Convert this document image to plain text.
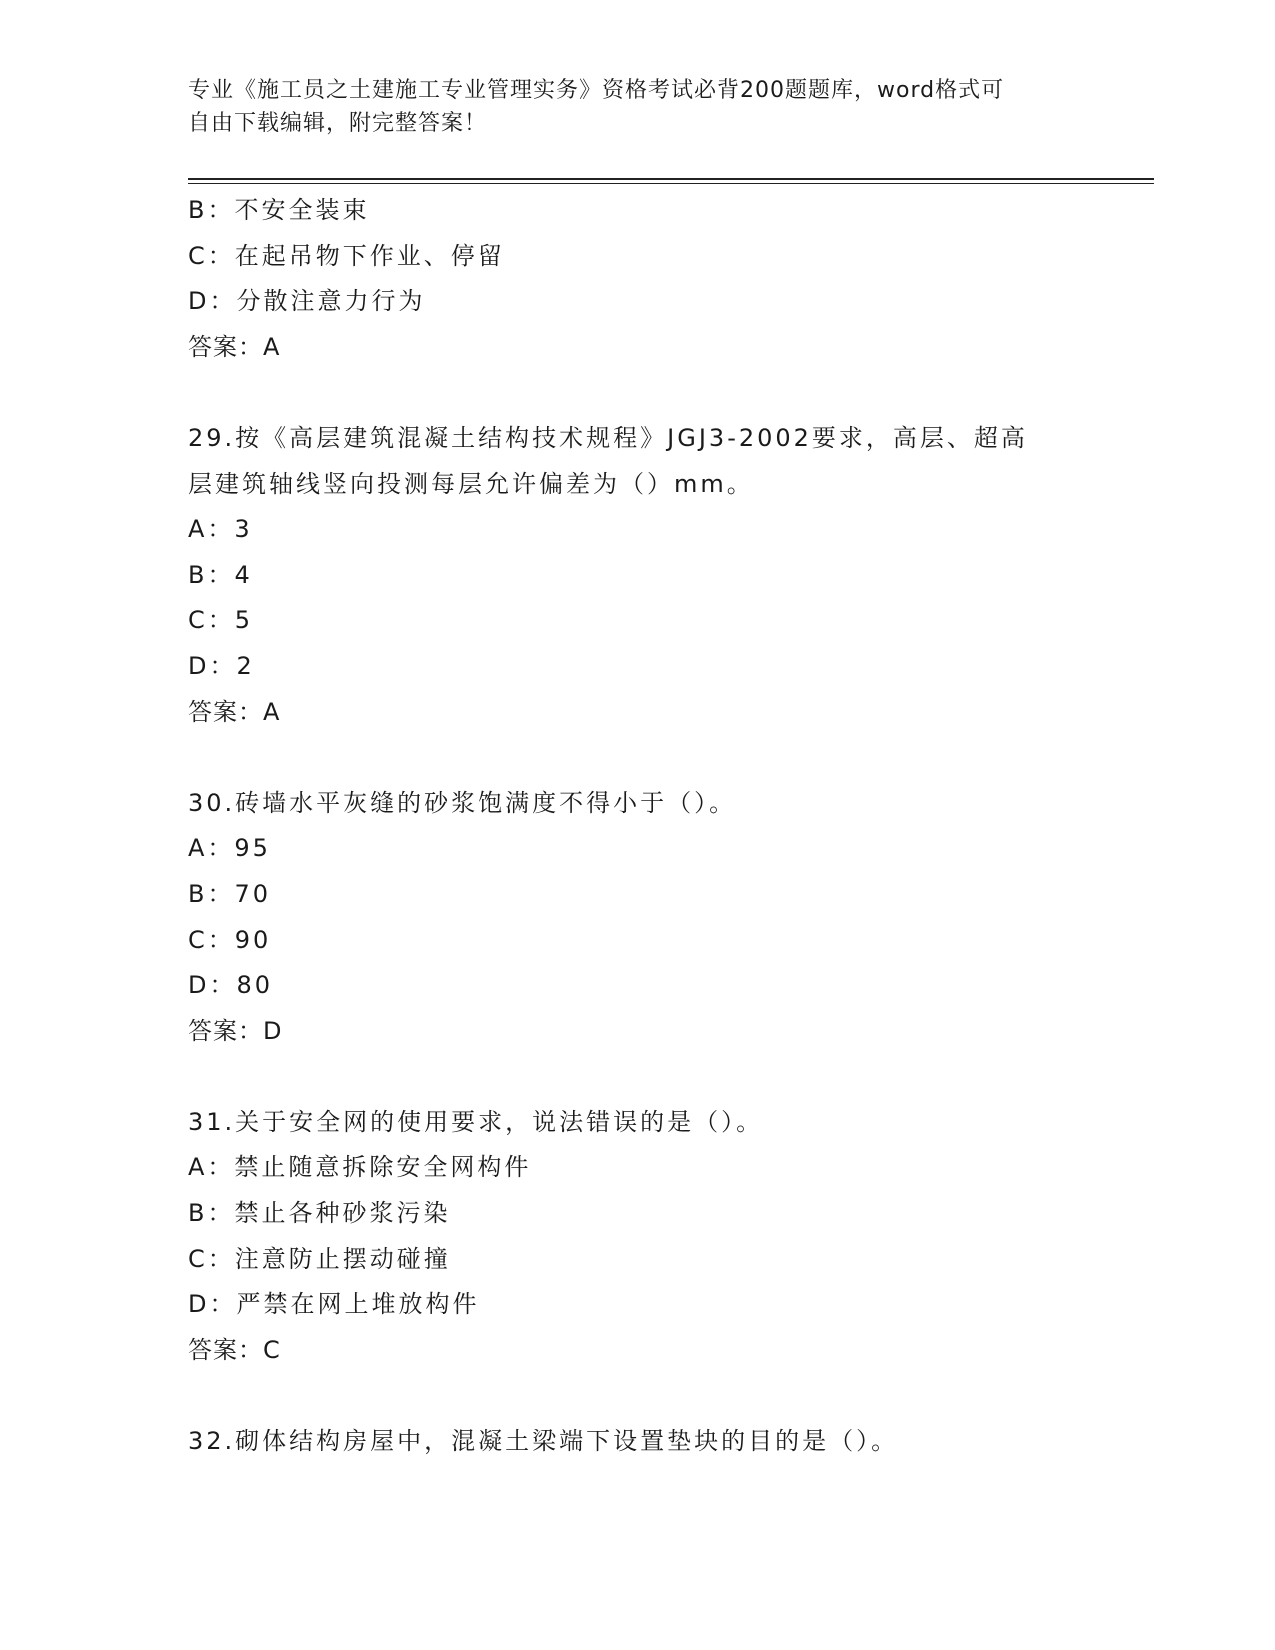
专业《施工员之土建施工专业管理实务》资格考试必背200题题库，word格式可
自由下载编辑，附完整答案！
B：不安全装束
C：在起吊物下作业、停留
D：分散注意力行为
答案：A
29.按《高层建筑混凝土结构技术规程》JGJ3-2002要求，高层、超高
层建筑轴线竖向投测每层允许偏差为（）mm。
A：3
B：4
C：5
D：2
答案：A
30.砖墙水平灰缝的砂浆饱满度不得小于（）。
A：95
B：70
C：90
D：80
答案：D
31.关于安全网的使用要求，说法错误的是（）。
A：禁止随意拆除安全网构件
B：禁止各种砂浆污染
C：注意防止摆动碰撞
D：严禁在网上堆放构件
答案：C
32.砌体结构房屋中，混凝土梁端下设置垫块的目的是（）。
